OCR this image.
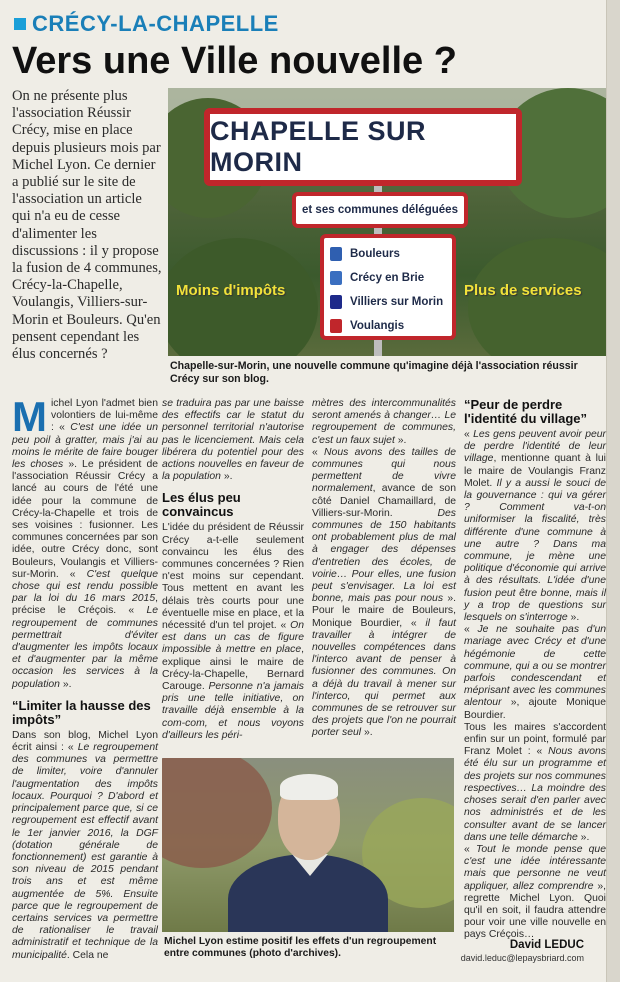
CRÉCY-LA-CHAPELLE
Vers une Ville nouvelle ?
On ne présente plus l'association Réussir Crécy, mise en place depuis plusieurs mois par Michel Lyon. Ce dernier a publié sur le site de l'association un article qui n'a eu de cesse d'alimenter les discussions : il y propose la fusion de 4 communes, Crécy-la-Chapelle, Voulangis, Villiers-sur-Morin et Bouleurs. Qu'en pensent cependant les élus concernés ?
CHAPELLE SUR MORIN
et ses communes déléguées
Bouleurs
Crécy en Brie
Villiers sur Morin
Voulangis
Moins d'impôts	Plus de services
Chapelle-sur-Morin, une nouvelle commune qu'imagine déjà l'association réussir Crécy sur son blog.

Michel Lyon l'admet bien volontiers de lui-même : « C'est une idée un peu poil à gratter, mais j'ai au moins le mérite de faire bouger les choses ». Le président de l'association Réussir Crécy a lancé au cours de l'été une idée pour la commune de Crécy-la-Chapelle et trois de ses voisines : fusionner. Les communes concernées par son idée, outre Crécy donc, sont Bouleurs, Voulangis et Villiers-sur-Morin. « C'est quelque chose qui est rendu possible par la loi du 16 mars 2015, précise le Créçois. « Le regroupement de communes permettrait d'éviter d'augmenter les impôts locaux et d'augmenter par la même occasion les services à la population ».

“Limiter la hausse des impôts”

Dans son blog, Michel Lyon écrit ainsi : « Le regroupement des communes va permettre de limiter, voire d'annuler l'augmentation des impôts locaux. Pourquoi ? D'abord et principalement parce que, si ce regroupement est effectif avant le 1er janvier 2016, la DGF (dotation générale de fonctionnement) est garantie à son niveau de 2015 pendant trois ans et est même augmentée de 5%. Ensuite parce que le regroupement de certains services va permettre de rationaliser le travail administratif et technique de la municipalité. Cela ne

se traduira pas par une baisse des effectifs car le statut du personnel territorial n'autorise pas le licenciement. Mais cela libérera du potentiel pour des actions nouvelles en faveur de la population ».

Les élus peu convaincus

L'idée du président de Réussir Crécy a-t-elle seulement convaincu les élus des communes concernées ? Rien n'est moins sur cependant. Tous mettent en avant les délais très courts pour une éventuelle mise en place, et la nécessité d'un tel projet. « On est dans un cas de figure impossible à mettre en place, explique ainsi le maire de Crécy-la-Chapelle, Bernard Carouge. Personne n'a jamais pris une telle initiative, on travaille déjà ensemble à la com-com, et nous voyons d'ailleurs les péri-

mètres des intercommunalités seront amenés à changer… Le regroupement de communes, c'est un faux sujet ».

« Nous avons des tailles de communes qui nous permettent de vivre normalement, avance de son côté Daniel Chamaillard, de Villiers-sur-Morin. Des communes de 150 habitants ont probablement plus de mal à engager des dépenses d'entretien des écoles, de voirie… Pour elles, une fusion peut s'envisager. La loi est bonne, mais pas pour nous ». Pour le maire de Bouleurs, Monique Bourdier, « il faut travailler à intégrer de nouvelles compétences dans l'interco avant de penser à fusionner des communes. On a déjà du travail à mener sur l'interco, qui permet aux communes de se retrouver sur des projets que l'on ne pourrait porter seul ».

Michel Lyon estime positif les effets d'un regroupement entre communes (photo d'archives).
“Peur de perdre l'identité du village”

« Les gens peuvent avoir peur de perdre l'identité de leur village, mentionne quant à lui le maire de Voulangis Franz Molet. Il y a aussi le souci de la gouvernance : qui va gérer ? Comment va-t-on uniformiser la fiscalité, très différente d'une commune à une autre ? Dans ma commune, je mène une politique d'économie qui arrive à des résultats. L'idée d'une fusion peut être bonne, mais il y a trop de questions sur lesquels on s'interroge ».

« Je ne souhaite pas d'un mariage avec Crécy et d'une hégémonie de cette commune, qui a ou se montrer parfois condescendant et méprisant avec les communes alentour », ajoute Monique Bourdier.

Tous les maires s'accordent enfin sur un point, formulé par Franz Molet : « Nous avons été élu sur un programme et des projets sur nos communes respectives… La moindre des choses serait d'en parler avec nos administrés et de les consulter avant de se lancer dans une telle démarche ».

« Tout le monde pense que c'est une idée intéressante mais que personne ne veut appliquer, allez comprendre », regrette Michel Lyon. Quoi qu'il en soit, il faudra attendre pour voir une ville nouvelle en pays Créçois…

David LEDUC
david.leduc@lepaysbriard.com
